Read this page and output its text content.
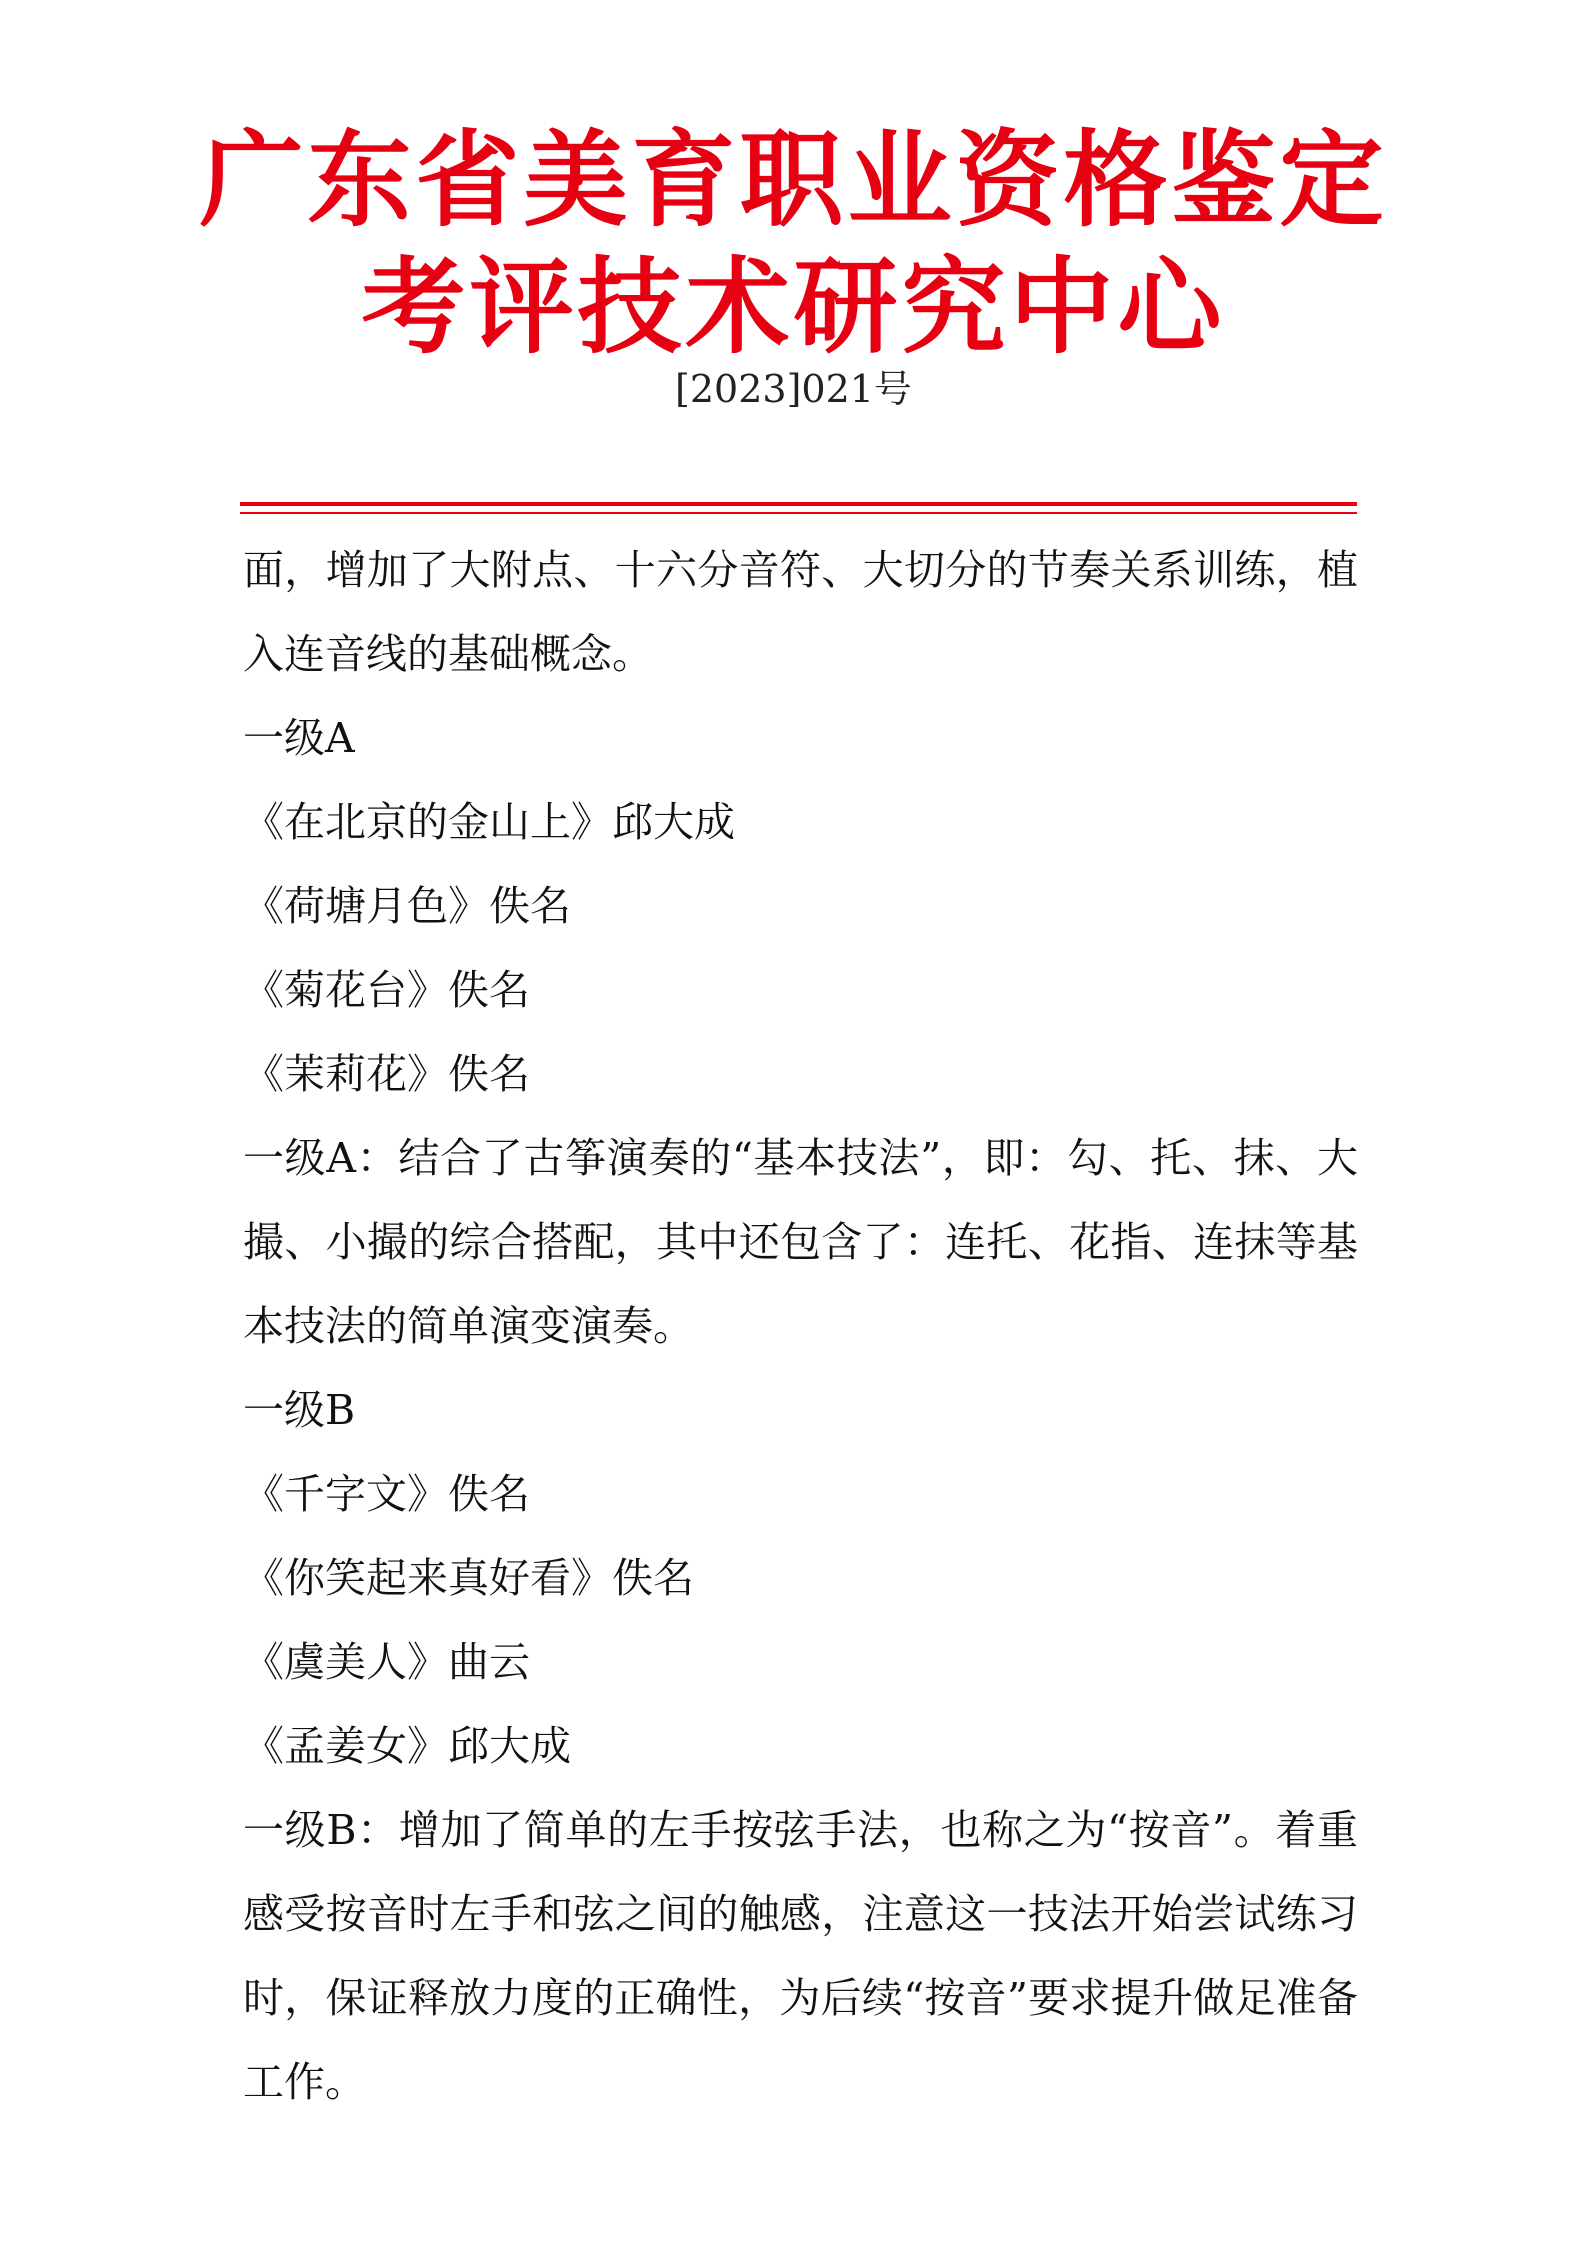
广东省美育职业资格鉴定
考评技术研究中心
[2023]021号

面，增加了大附点、十六分音符、大切分的节奏关系训练，植入连音线的基础概念。

一级A

《在北京的金山上》邱大成

《荷塘月色》佚名

《菊花台》佚名

《茉莉花》佚名

一级A：结合了古筝演奏的“基本技法”，即：勾、托、抹、大撮、小撮的综合搭配，其中还包含了：连托、花指、连抹等基本技法的简单演变演奏。

一级B

《千字文》佚名

《你笑起来真好看》佚名

《虞美人》曲云

《孟姜女》邱大成

一级B：增加了简单的左手按弦手法，也称之为“按音”。着重感受按音时左手和弦之间的触感，注意这一技法开始尝试练习时，保证释放力度的正确性，为后续“按音”要求提升做足准备工作。
